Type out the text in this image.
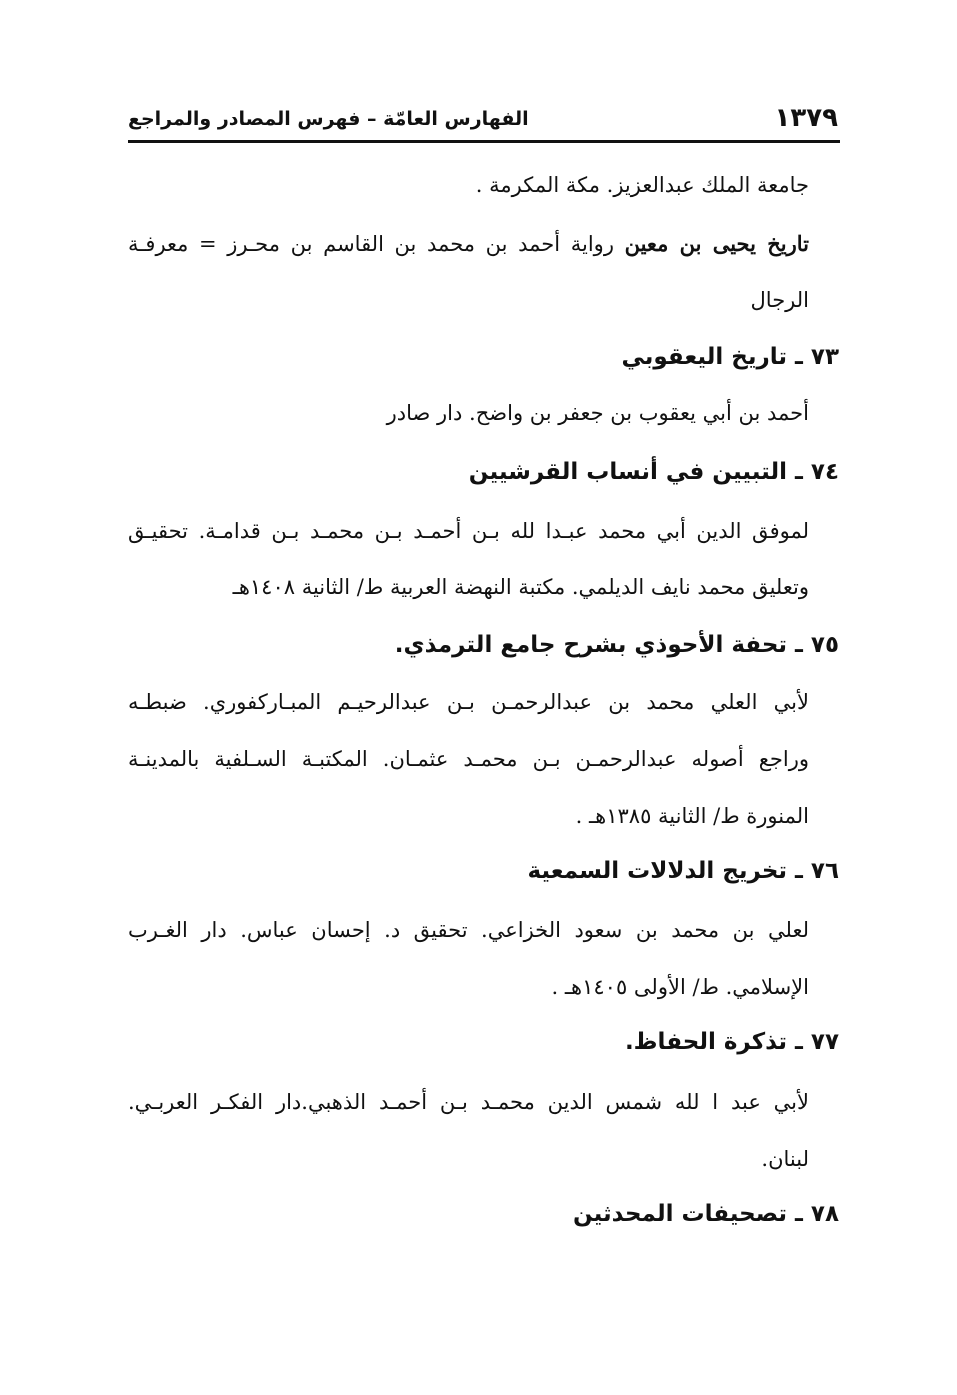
١٣٧٩
الفهارس العامّة – فهرس المصادر والمراجع
جامعة الملك عبدالعزيز. مكة المكرمة .
تاريخ يحيى بن معين رواية أحمد بن محمد بن القاسم بن محـرز = معرفـة
الرجال
٧٣ ـ تاريخ اليعقوبي
أحمد بن أبي يعقوب بن جعفر بن واضح. دار صادر
٧٤ ـ التبيين في أنساب القرشيين
لموفق الدين أبي محمد عبـدا لله بـن أحمـد بـن محمـد بـن قدامـة. تحقيـق
وتعليق محمد نايف الديلمي. مكتبة النهضة العربية ط/ الثانية ١٤٠٨هـ
٧٥ ـ تحفة الأحوذي بشرح جامع الترمذي.
لأبي العلي محمد بن عبدالرحمـن بـن عبدالرحيـم المبـاركفوري. ضبطـه
وراجع أصوله عبدالرحمـن بـن محمـد عثمـان. المكتبـة السـلفية بالمدينـة
المنورة ط/ الثانية ١٣٨٥هـ .
٧٦ ـ تخريج الدلالات السمعية
لعلي بن محمد بن سعود الخزاعي. تحقيق د. إحسان عباس. دار الغـرب
الإسلامي. ط/ الأولى ١٤٠٥هـ .
٧٧ ـ تذكرة الحفاظ.
لأبي عبد ا لله شمس الدين محمـد بـن أحمـد الذهبي.دار الفكـر العربـي.
لبنان.
٧٨ ـ تصحيفات المحدثين
